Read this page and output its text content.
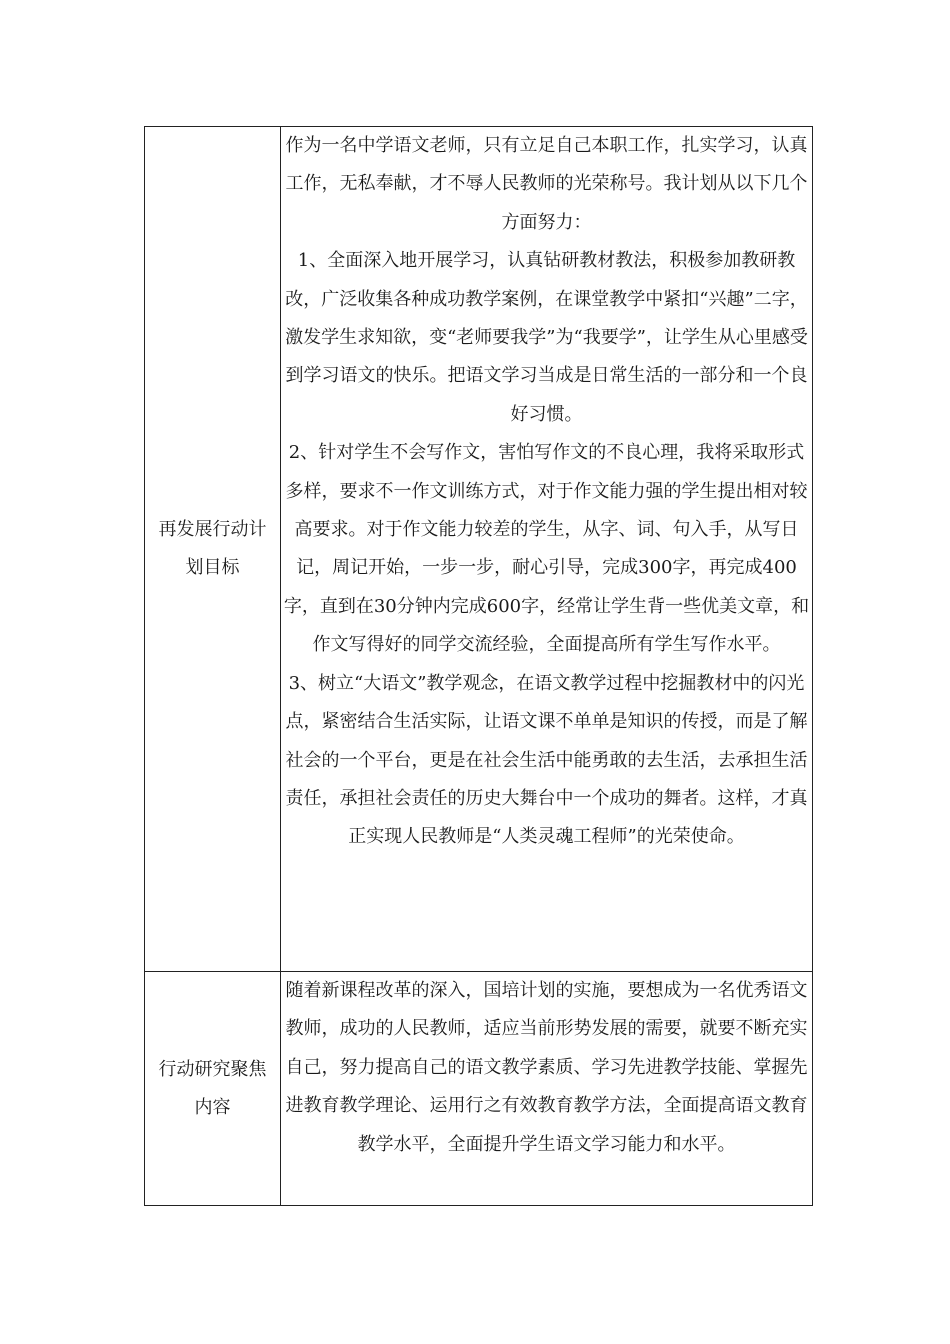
再发展行动计划目标	作为一名中学语文老师，只有立足自己本职工作，扎实学习，认真工作，无私奉献，才不辱人民教师的光荣称号。我计划从以下几个方面努力：

1、全面深入地开展学习，认真钻研教材教法，积极参加教研教改，广泛收集各种成功教学案例，在课堂教学中紧扣“兴趣”二字，激发学生求知欲，变“老师要我学”为“我要学”，让学生从心里感受到学习语文的快乐。把语文学习当成是日常生活的一部分和一个良好习惯。

2、针对学生不会写作文，害怕写作文的不良心理，我将采取形式多样，要求不一作文训练方式，对于作文能力强的学生提出相对较高要求。对于作文能力较差的学生，从字、词、句入手，从写日记，周记开始，一步一步，耐心引导，完成300字，再完成400字，直到在30分钟内完成600字，经常让学生背一些优美文章，和作文写得好的同学交流经验，全面提高所有学生写作水平。

3、树立“大语文”教学观念，在语文教学过程中挖掘教材中的闪光点，紧密结合生活实际，让语文课不单单是知识的传授，而是了解社会的一个平台，更是在社会生活中能勇敢的去生活，去承担生活责任，承担社会责任的历史大舞台中一个成功的舞者。这样，才真正实现人民教师是“人类灵魂工程师”的光荣使命。

行动研究聚焦内容	随着新课程改革的深入，国培计划的实施，要想成为一名优秀语文教师，成功的人民教师，适应当前形势发展的需要，就要不断充实自己，努力提高自己的语文教学素质、学习先进教学技能、掌握先进教育教学理论、运用行之有效教育教学方法，全面提高语文教育教学水平，全面提升学生语文学习能力和水平。
